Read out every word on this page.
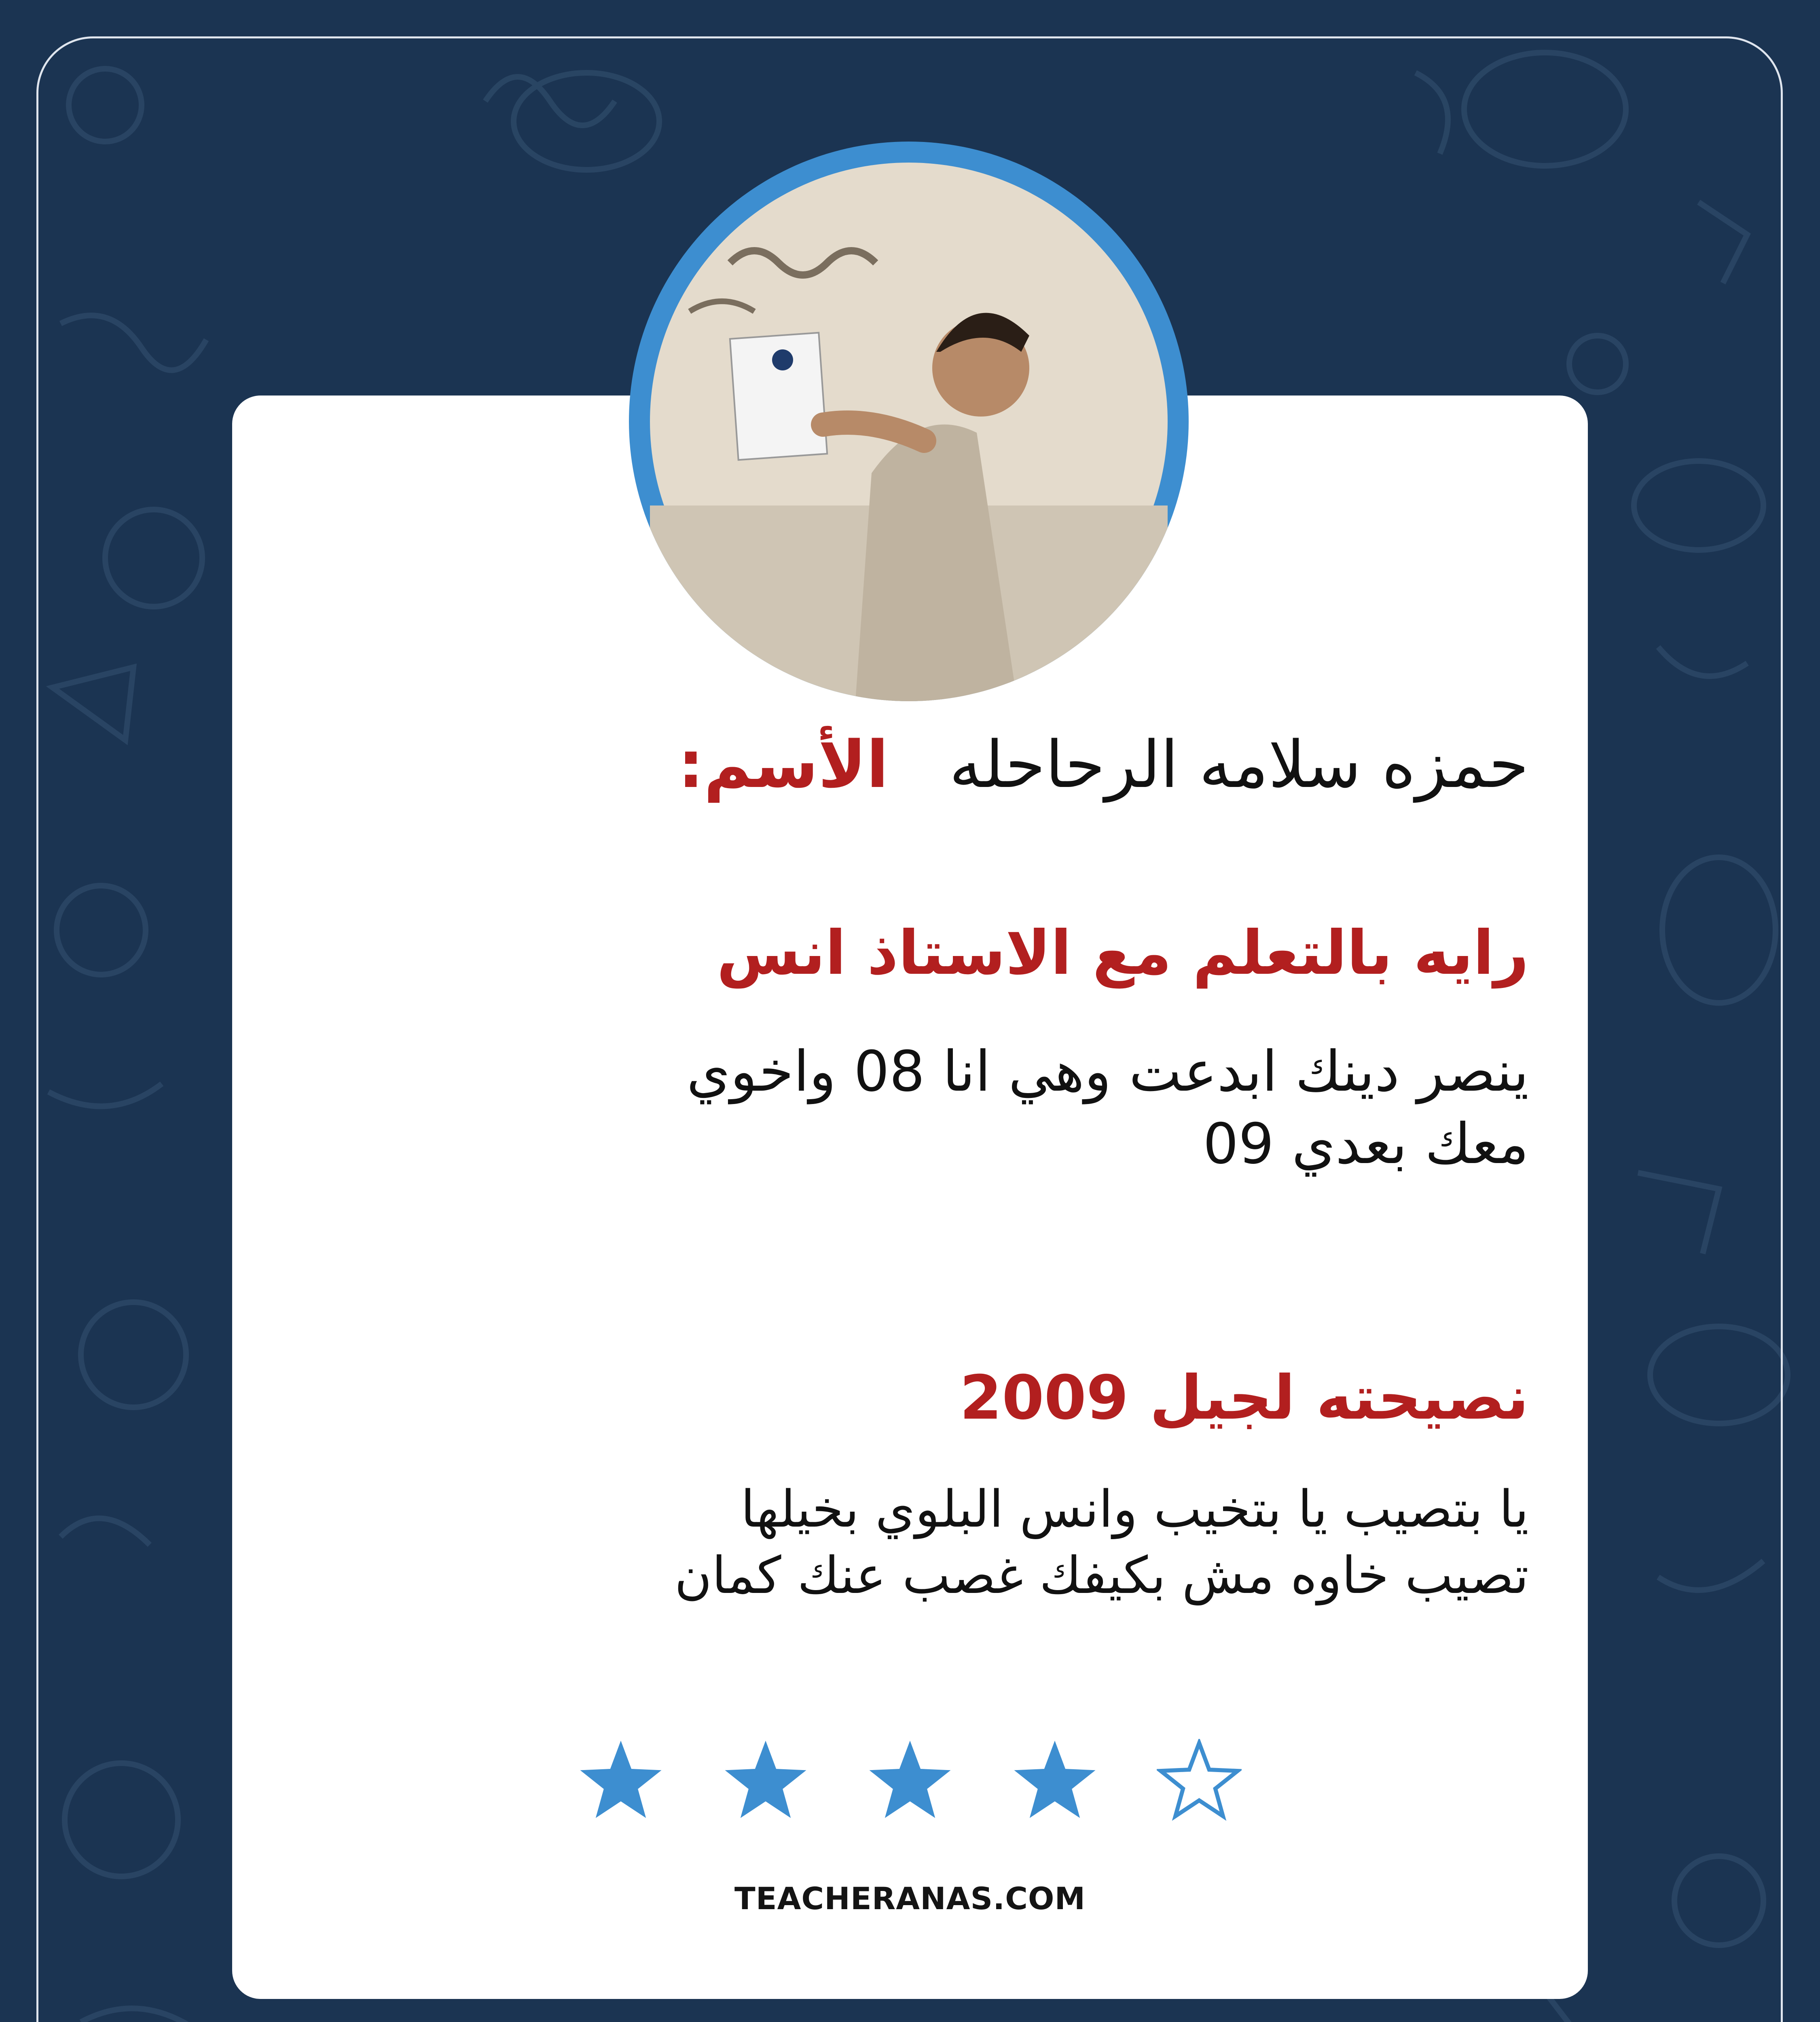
الأسم: حمزه سلامه الرحاحله
رايه بالتعلم مع الاستاذ انس
ينصر دينك ابدعت وهي انا 08 واخوي
معك بعدي 09
نصيحته لجيل 2009
يا بتصيب يا بتخيب وانس البلوي بخيلها
تصيب خاوه مش بكيفك غصب عنك كمان
TEACHERANAS.COM
